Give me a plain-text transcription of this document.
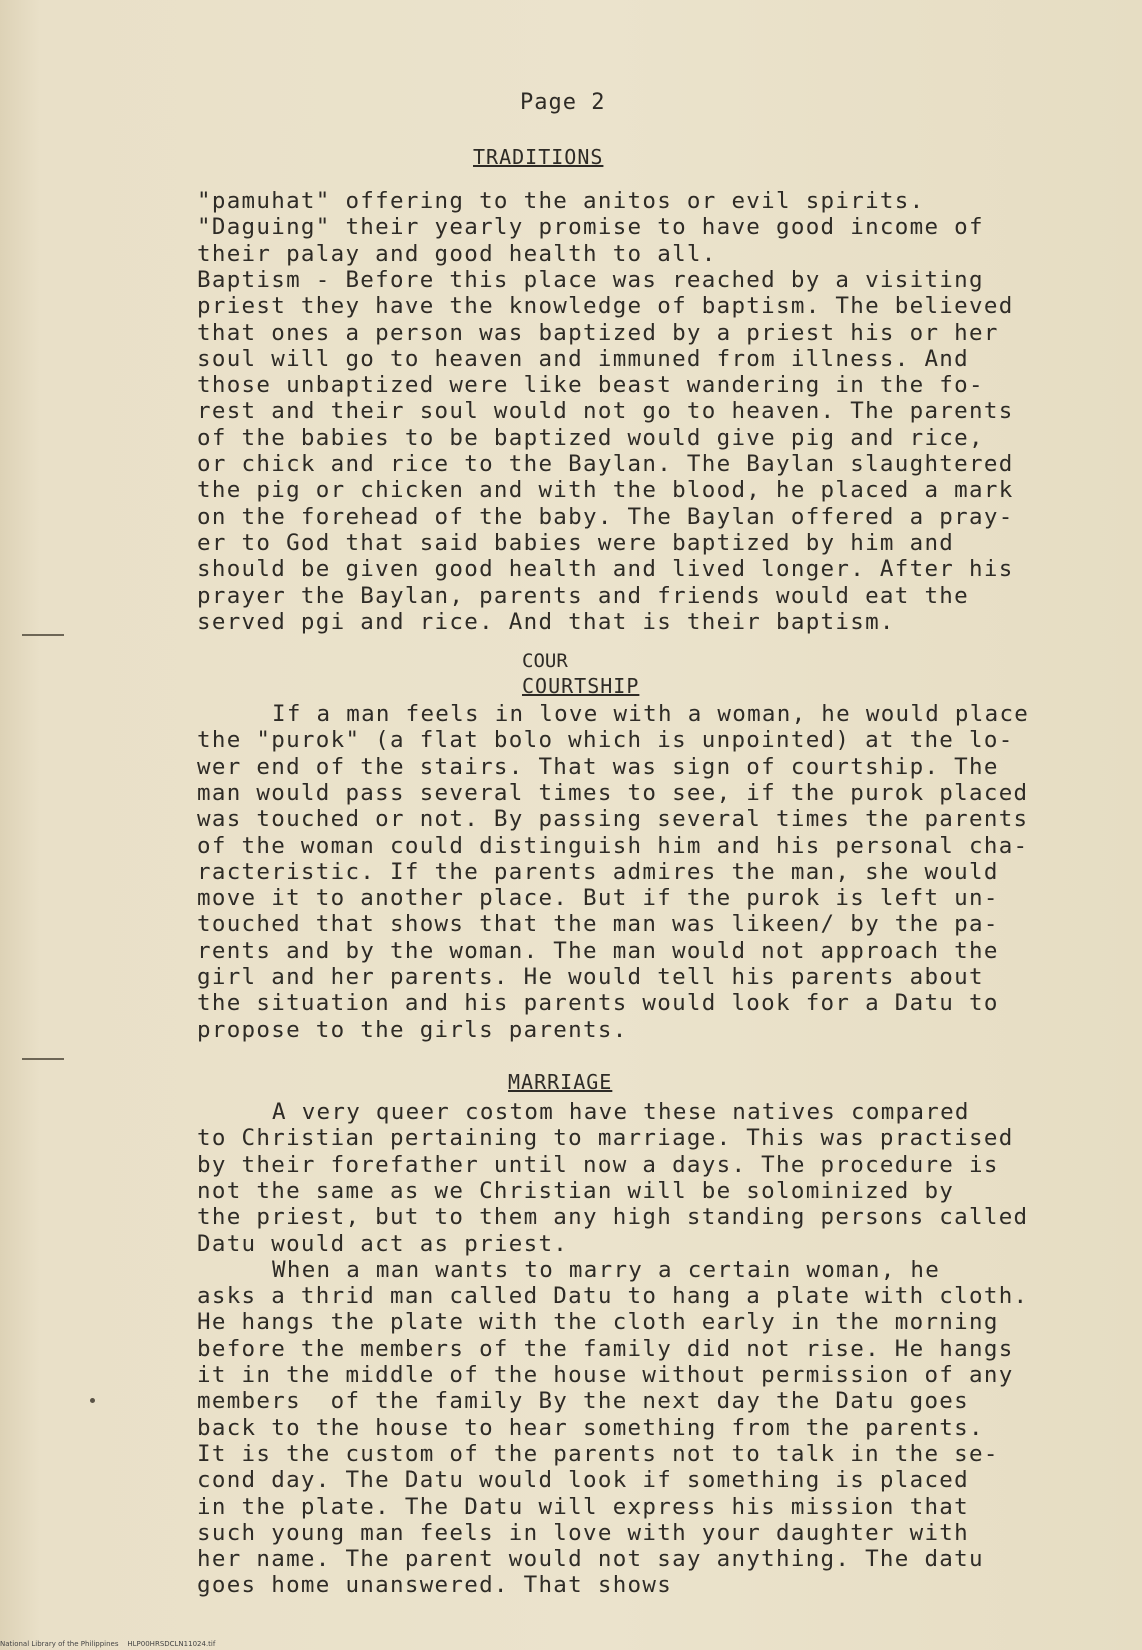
Page 2
TRADITIONS
"pamuhat" offering to the anitos or evil spirits.
"Daguing" their yearly promise to have good income of
their palay and good health to all.
Baptism - Before this place was reached by a visiting
priest they have the knowledge of baptism. The believed
that ones a person was baptized by a priest his or her
soul will go to heaven and immuned from illness. And
those unbaptized were like beast wandering in the fo-
rest and their soul would not go to heaven. The parents
of the babies to be baptized would give pig and rice,
or chick and rice to the Baylan. The Baylan slaughtered
the pig or chicken and with the blood, he placed a mark
on the forehead of the baby. The Baylan offered a pray-
er to God that said babies were baptized by him and
should be given good health and lived longer. After his
prayer the Baylan, parents and friends would eat the
served pgi and rice. And that is their baptism.
COUR
COURTSHIP
If a man feels in love with a woman, he would place
the "purok" (a flat bolo which is unpointed) at the lo-
wer end of the stairs. That was sign of courtship. The
man would pass several times to see, if the purok placed
was touched or not. By passing several times the parents
of the woman could distinguish him and his personal cha-
racteristic. If the parents admires the man, she would
move it to another place. But if the purok is left un-
touched that shows that the man was likeen/ by the pa-
rents and by the woman. The man would not approach the
girl and her parents. He would tell his parents about
the situation and his parents would look for a Datu to
propose to the girls parents.
MARRIAGE
A very queer costom have these natives compared
to Christian pertaining to marriage. This was practised
by their forefather until now a days. The procedure is
not the same as we Christian will be solominized by
the priest, but to them any high standing persons called
Datu would act as priest.
When a man wants to marry a certain woman, he
asks a thrid man called Datu to hang a plate with cloth.
He hangs the plate with the cloth early in the morning
before the members of the family did not rise. He hangs
it in the middle of the house without permission of any
members  of the family By the next day the Datu goes
back to the house to hear something from the parents.
It is the custom of the parents not to talk in the se-
cond day. The Datu would look if something is placed
in the plate. The Datu will express his mission that
such young man feels in love with your daughter with
her name. The parent would not say anything. The datu
goes home unanswered. That shows
National Library of the Philippines    HLP00HRSDCLN11024.tif
